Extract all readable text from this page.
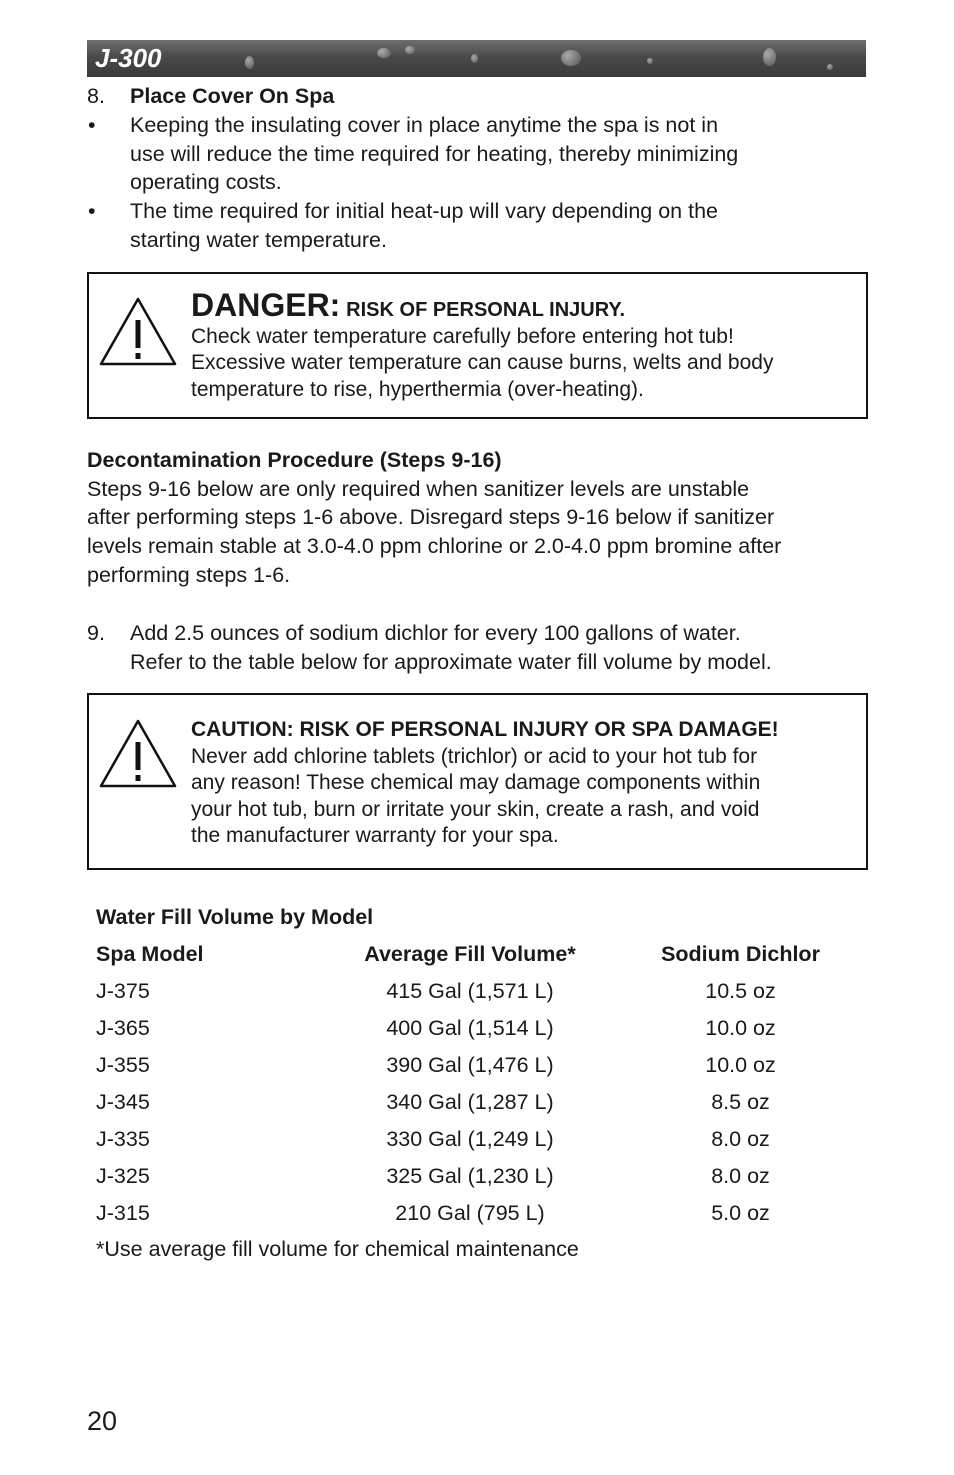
J-300
8. Place Cover On Spa
• Keeping the insulating cover in place anytime the spa is not in
use will reduce the time required for heating, thereby minimizing
operating costs.
• The time required for initial heat-up will vary depending on the
starting water temperature.
DANGER: RISK OF PERSONAL INJURY.
Check water temperature carefully before entering hot tub!
Excessive water temperature can cause burns, welts and body
temperature to rise, hyperthermia (over-heating).
Decontamination Procedure (Steps 9-16)
Steps 9-16 below are only required when sanitizer levels are unstable
after performing steps 1-6 above. Disregard steps 9-16 below if sanitizer
levels remain stable at 3.0-4.0 ppm chlorine or 2.0-4.0 ppm bromine after
performing steps 1-6.
9. Add 2.5 ounces of sodium dichlor for every 100 gallons of water.
Refer to the table below for approximate water fill volume by model.
CAUTION: RISK OF PERSONAL INJURY OR SPA DAMAGE!
Never add chlorine tablets (trichlor) or acid to your hot tub for
any reason! These chemical may damage components within
your hot tub, burn or irritate your skin, create a rash, and void
the manufacturer warranty for your spa.
Water Fill Volume by Model
Spa Model	Average Fill Volume*	Sodium Dichlor
J-375	415 Gal (1,571 L)	10.5 oz
J-365	400 Gal (1,514 L)	10.0 oz
J-355	390 Gal (1,476 L)	10.0 oz
J-345	340 Gal (1,287 L)	8.5 oz
J-335	330 Gal (1,249 L)	8.0 oz
J-325	325 Gal (1,230 L)	8.0 oz
J-315	210 Gal (795 L)	5.0 oz
*Use average fill volume for chemical maintenance
20
